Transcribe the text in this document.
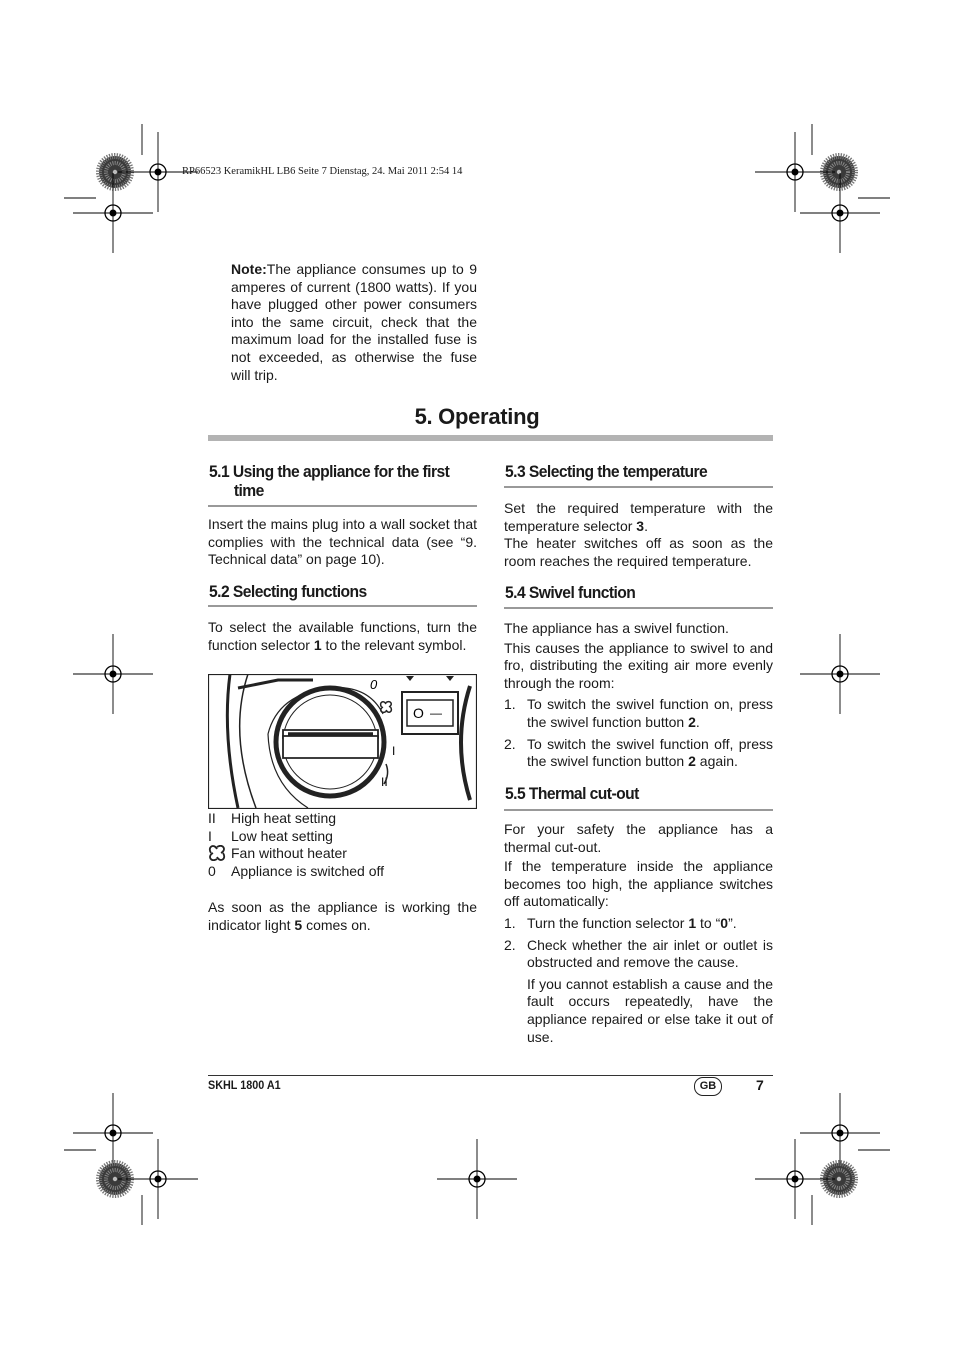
RP66523 KeramikHL LB6 Seite 7 Dienstag, 24. Mai 2011 2:54 14
Note:The appliance consumes up to 9 amperes of current (1800 watts). If you have plugged other power consumers into the same circuit, check that the maximum load for the installed fuse is not exceeded, as otherwise the fuse will trip.
5. Operating
5.1 Using the appliance for the first
time
Insert the mains plug into a wall socket that complies with the technical data (see “9. Technical data” on page 10).
5.2 Selecting functions
To select the available functions, turn the function selector 1 to the relevant symbol.
O —
0
I
II
II	High heat setting
I	Low heat setting
	Fan without heater
0	Appliance is switched off
As soon as the appliance is working the indicator light 5 comes on.
5.3 Selecting the temperature
Set the required temperature with the temperature selector 3.
The heater switches off as soon as the room reaches the required temperature.
5.4 Swivel function
The appliance has a swivel function.
This causes the appliance to swivel to and fro, distributing the exiting air more evenly through the room:
1. To switch the swivel function on, press the swivel function button 2.
2. To switch the swivel function off, press the swivel function button 2 again.
5.5 Thermal cut-out
For your safety the appliance has a thermal cut-out.
If the temperature inside the appliance becomes too high, the appliance switches off automatically:
1. Turn the function selector 1 to “0”.
2. Check whether the air inlet or outlet is obstructed and remove the cause.
If you cannot establish a cause and the fault occurs repeatedly, have the appliance repaired or else take it out of use.
SKHL 1800 A1	GB	7
